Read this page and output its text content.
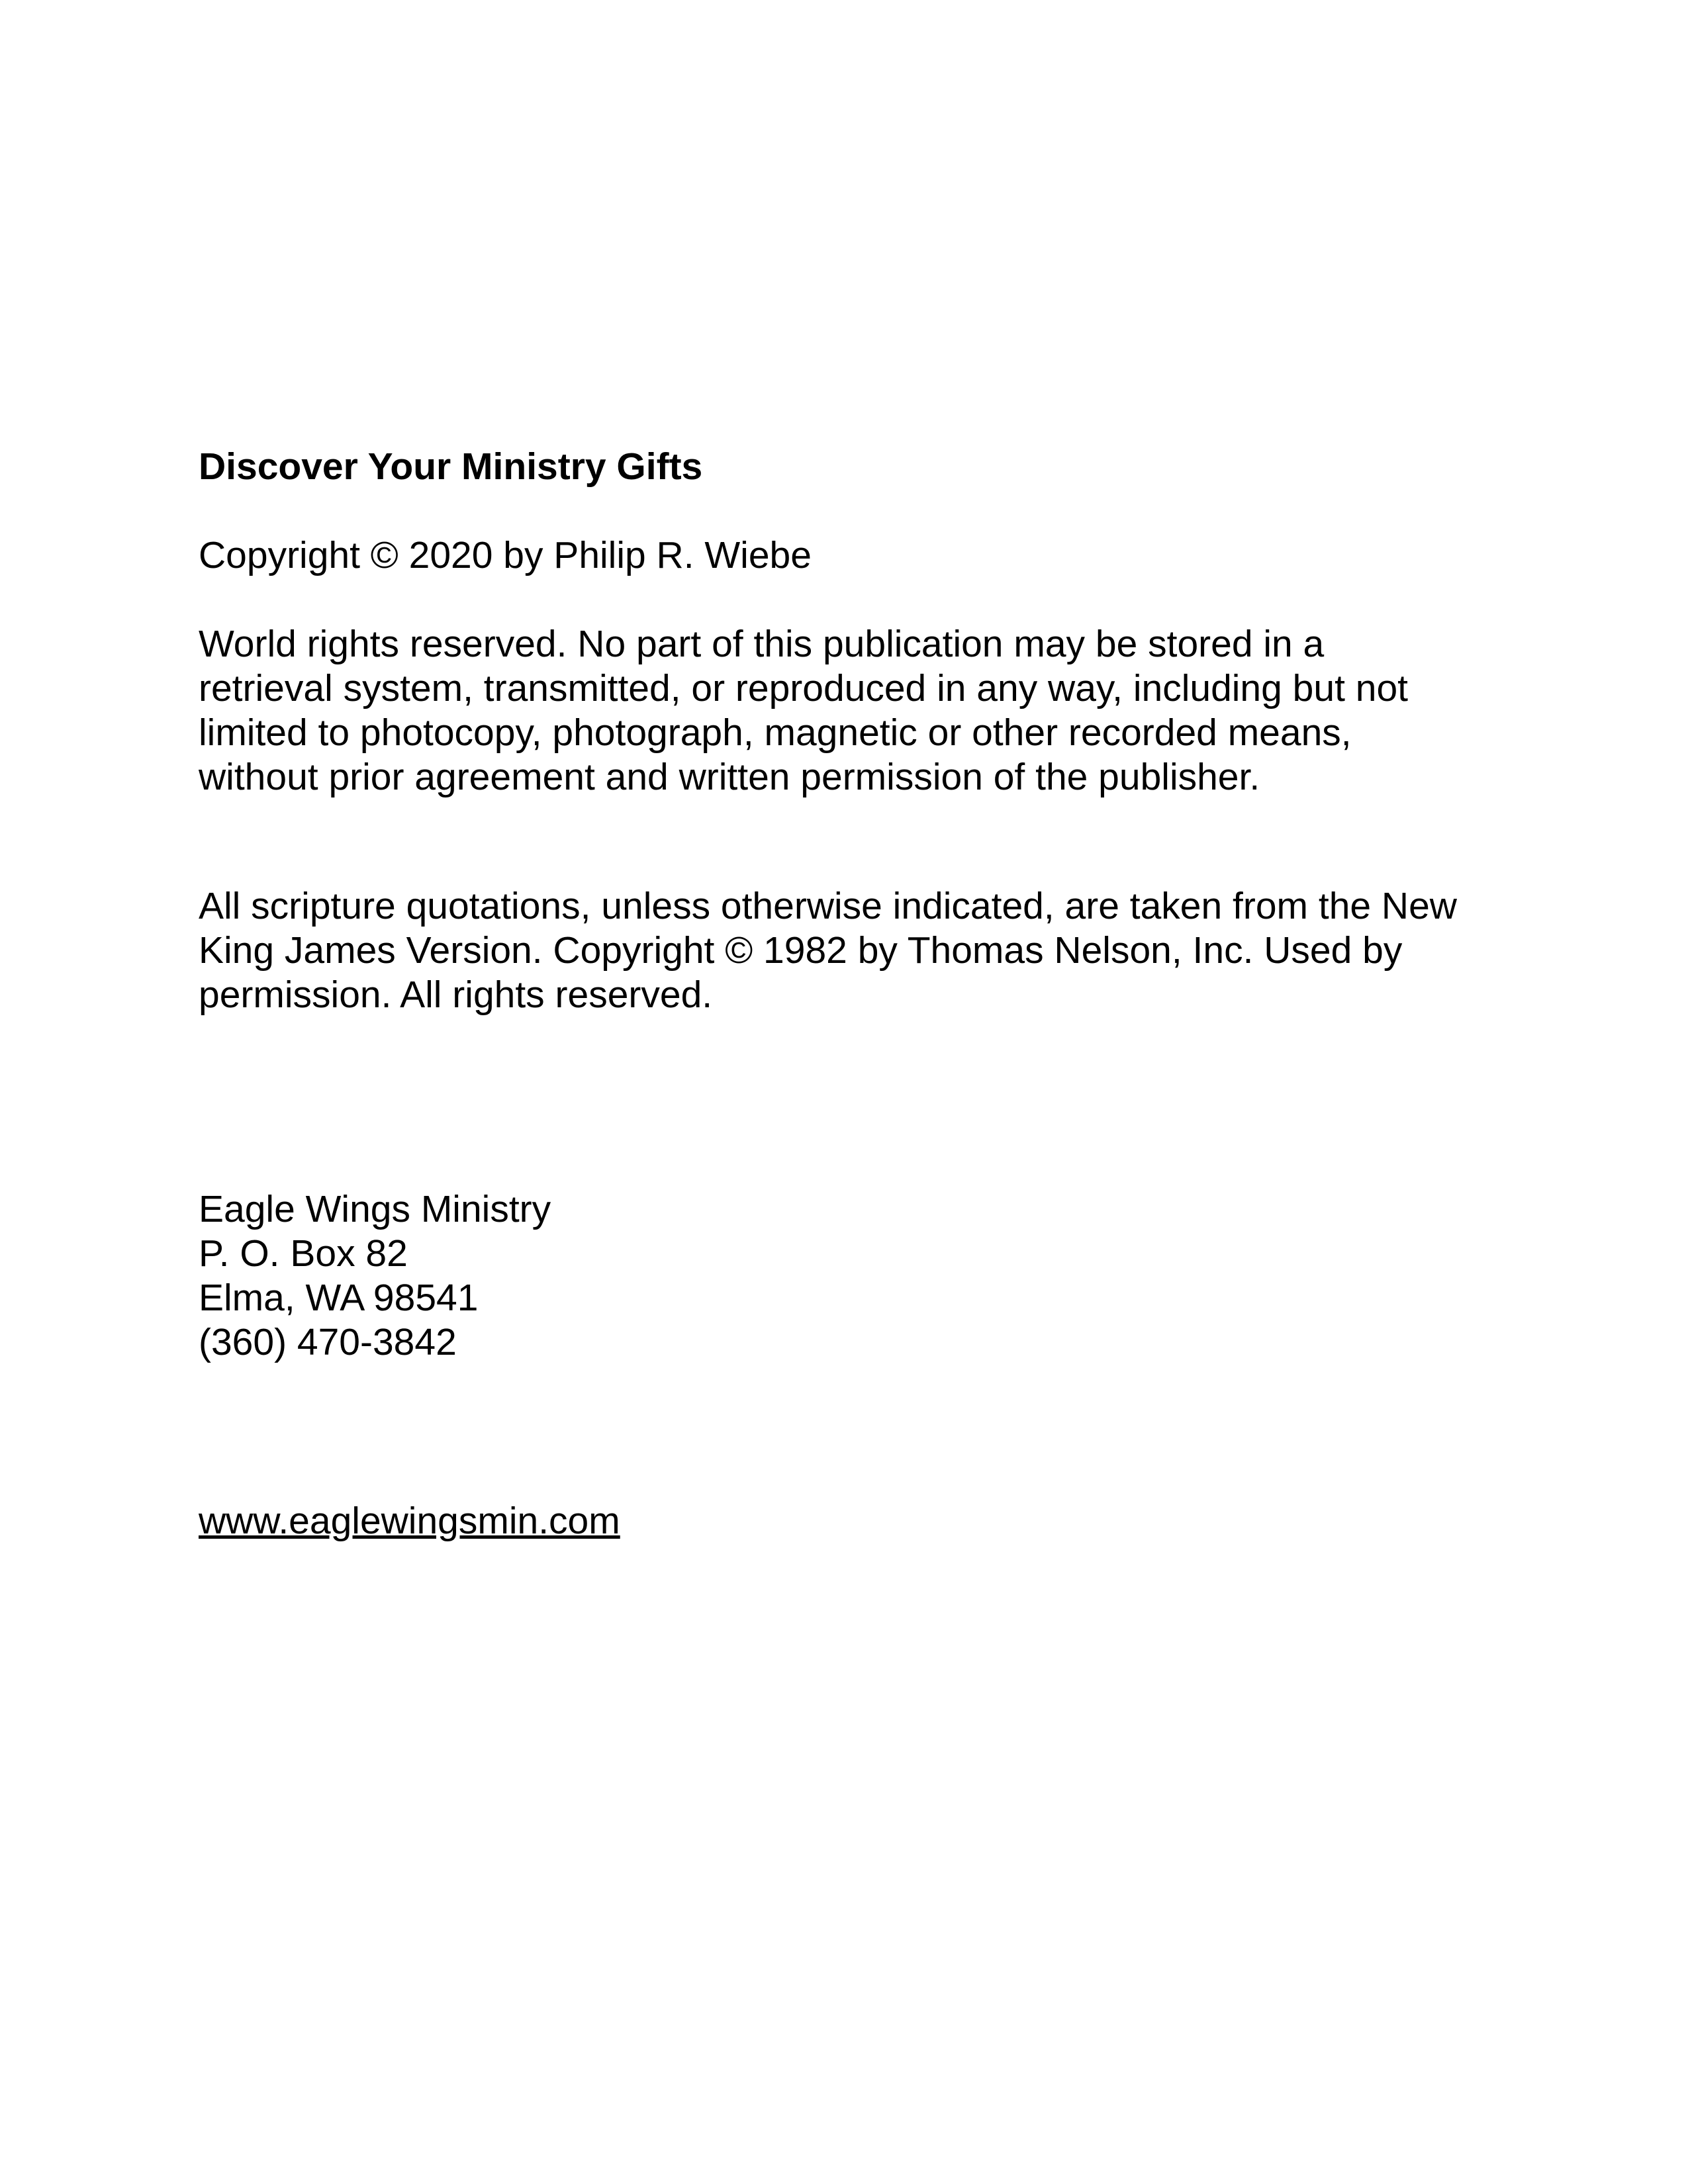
Discover Your Ministry Gifts

Copyright © 2020 by Philip R. Wiebe

World rights reserved. No part of this publication may be stored in a
retrieval system, transmitted, or reproduced in any way, including but not
limited to photocopy, photograph, magnetic or other recorded means,
without prior agreement and written permission of the publisher.

All scripture quotations, unless otherwise indicated, are taken from the New
King James Version. Copyright © 1982 by Thomas Nelson, Inc. Used by
permission. All rights reserved.

Eagle Wings Ministry
P. O. Box 82
Elma, WA 98541
(360) 470-3842

www.eaglewingsmin.com
